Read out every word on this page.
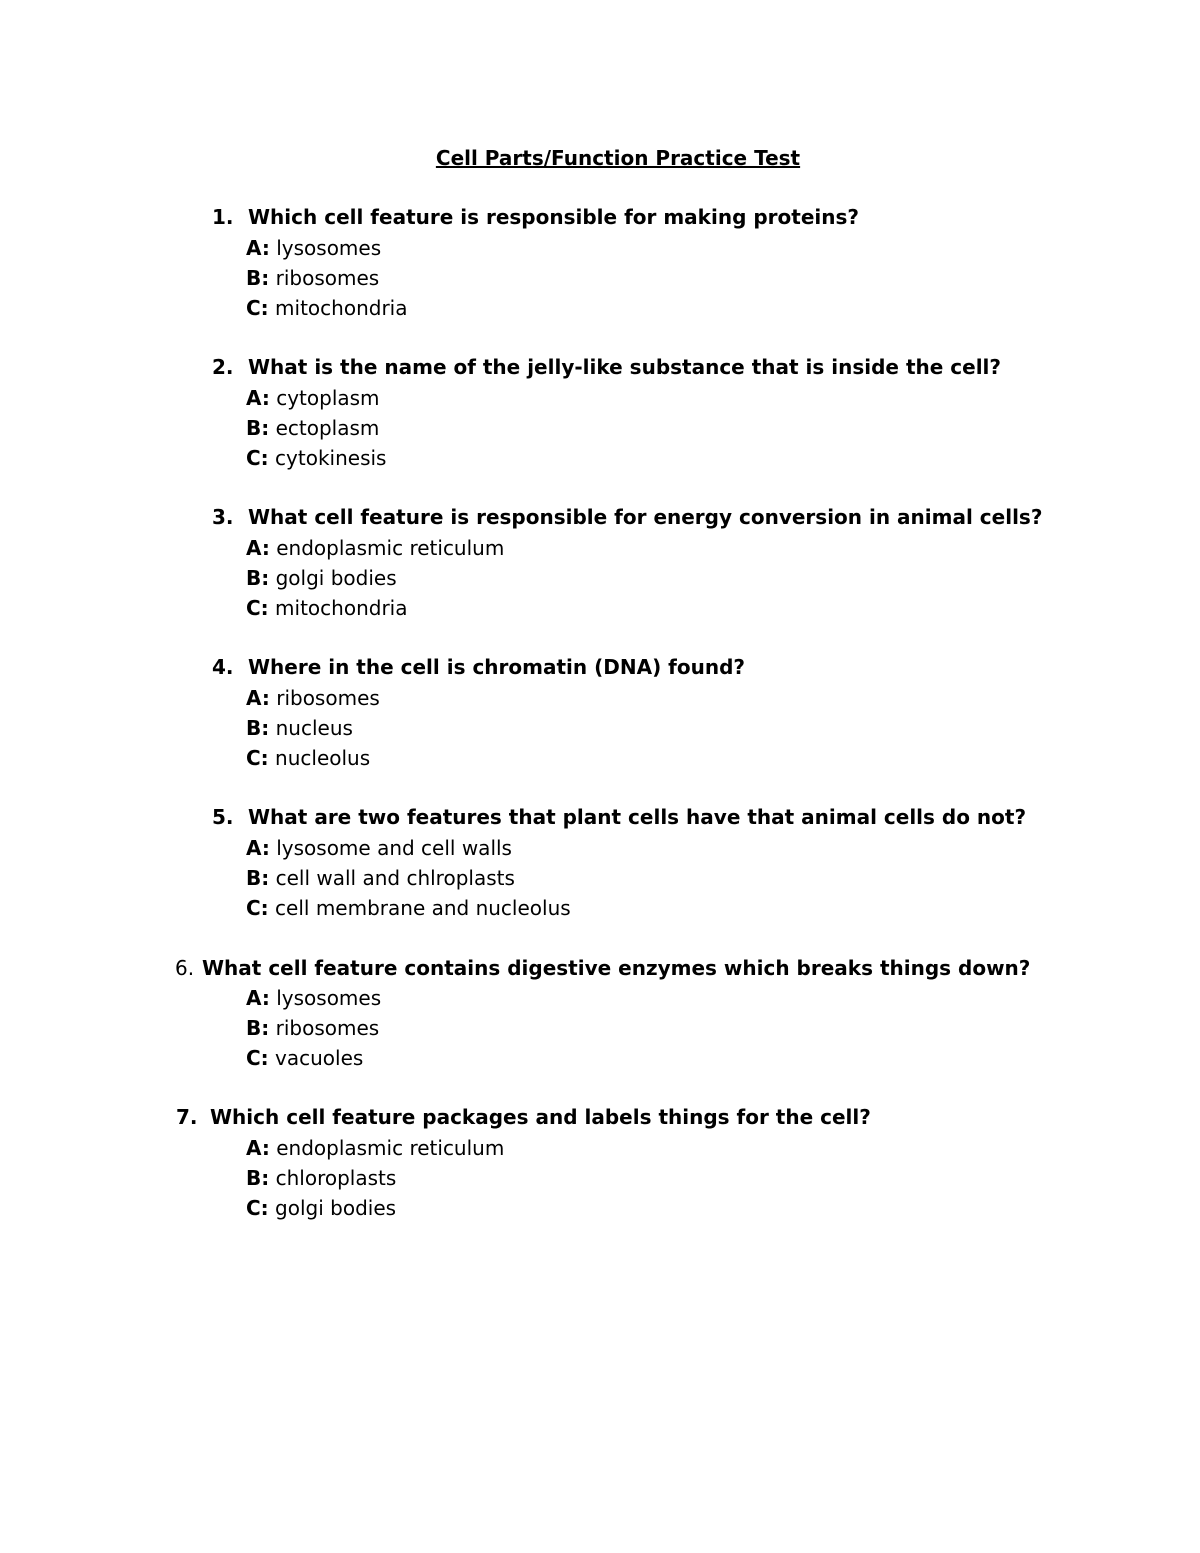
Cell Parts/Function Practice Test
1. Which cell feature is responsible for making proteins?
A: lysosomes
B: ribosomes
C: mitochondria
2. What is the name of the jelly-like substance that is inside the cell?
A: cytoplasm
B: ectoplasm
C: cytokinesis
3. What cell feature is responsible for energy conversion in animal cells?
A: endoplasmic reticulum
B: golgi bodies
C: mitochondria
4. Where in the cell is chromatin (DNA) found?
A: ribosomes
B: nucleus
C: nucleolus
5. What are two features that plant cells have that animal cells do not?
A: lysosome and cell walls
B: cell wall and chlroplasts
C: cell membrane and nucleolus
6. What cell feature contains digestive enzymes which breaks things down?
A: lysosomes
B: ribosomes
C: vacuoles
7. Which cell feature packages and labels things for the cell?
A: endoplasmic reticulum
B: chloroplasts
C: golgi bodies
